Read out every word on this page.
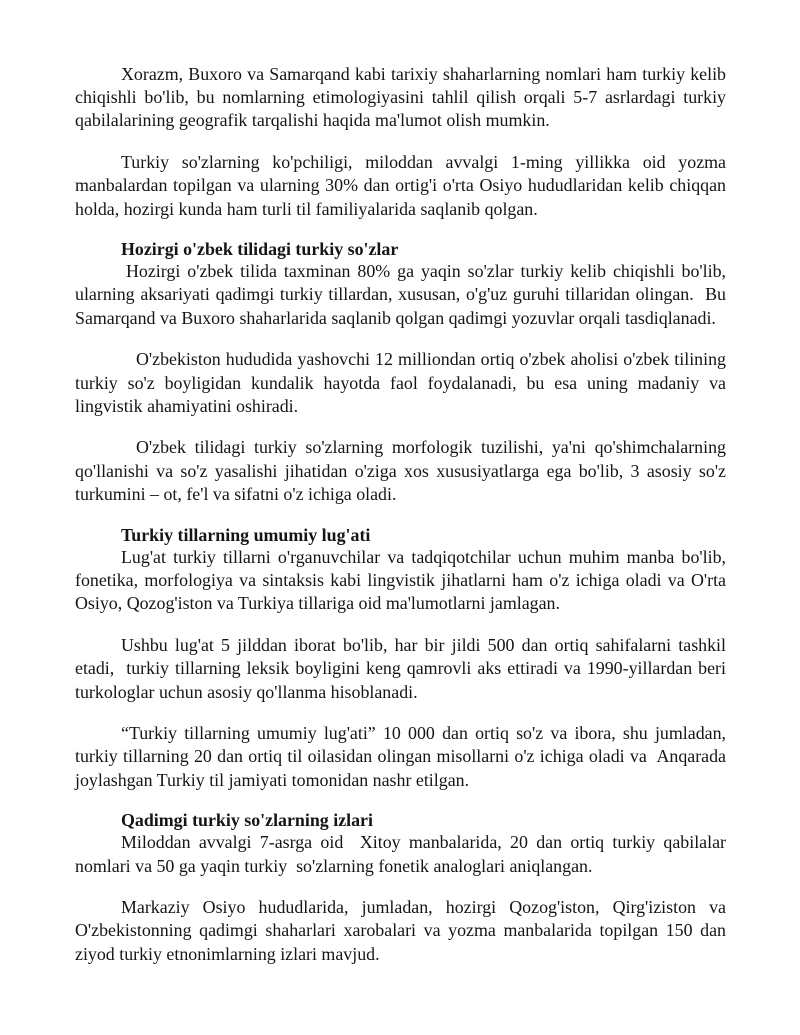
Xorazm, Buxoro va Samarqand kabi tarixiy shaharlarning nomlari ham turkiy kelib chiqishli bo'lib, bu nomlarning etimologiyasini tahlil qilish orqali 5-7 asrlardagi turkiy qabilalarining geografik tarqalishi haqida ma'lumot olish mumkin.

Turkiy so'zlarning ko'pchiligi, miloddan avvalgi 1-ming yillikka oid yozma manbalardan topilgan va ularning 30% dan ortig'i o'rta Osiyo hududlaridan kelib chiqqan holda, hozirgi kunda ham turli til familiyalarida saqlanib qolgan.

Hozirgi o'zbek tilidagi turkiy so'zlar

Hozirgi o'zbek tilida taxminan 80% ga yaqin so'zlar turkiy kelib chiqishli bo'lib, ularning aksariyati qadimgi turkiy tillardan, xususan, o'g'uz guruhi tillaridan olingan.  Bu Samarqand va Buxoro shaharlarida saqlanib qolgan qadimgi yozuvlar orqali tasdiqlanadi.

O'zbekiston hududida yashovchi 12 milliondan ortiq o'zbek aholisi o'zbek tilining turkiy so'z boyligidan kundalik hayotda faol foydalanadi, bu esa uning madaniy va lingvistik ahamiyatini oshiradi.

O'zbek tilidagi turkiy so'zlarning morfologik tuzilishi, ya'ni qo'shimchalarning qo'llanishi va so'z yasalishi jihatidan o'ziga xos xususiyatlarga ega bo'lib, 3 asosiy so'z turkumini – ot, fe'l va sifatni o'z ichiga oladi.

Turkiy tillarning umumiy lug'ati

Lug'at turkiy tillarni o'rganuvchilar va tadqiqotchilar uchun muhim manba bo'lib, fonetika, morfologiya va sintaksis kabi lingvistik jihatlarni ham o'z ichiga oladi va O'rta Osiyo, Qozog'iston va Turkiya tillariga oid ma'lumotlarni jamlagan.

Ushbu lug'at 5 jilddan iborat bo'lib, har bir jildi 500 dan ortiq sahifalarni tashkil etadi,  turkiy tillarning leksik boyligini keng qamrovli aks ettiradi va 1990-yillardan beri turkologlar uchun asosiy qo'llanma hisoblanadi.

“Turkiy tillarning umumiy lug'ati” 10 000 dan ortiq so'z va ibora, shu jumladan, turkiy tillarning 20 dan ortiq til oilasidan olingan misollarni o'z ichiga oladi va  Anqarada joylashgan Turkiy til jamiyati tomonidan nashr etilgan.

Qadimgi turkiy so'zlarning izlari

Miloddan avvalgi 7-asrga oid  Xitoy manbalarida, 20 dan ortiq turkiy qabilalar nomlari va 50 ga yaqin turkiy  so'zlarning fonetik analoglari aniqlangan.

Markaziy Osiyo hududlarida, jumladan, hozirgi Qozog'iston, Qirg'iziston va O'zbekistonning qadimgi shaharlari xarobalari va yozma manbalarida topilgan 150 dan ziyod turkiy etnonimlarning izlari mavjud.
